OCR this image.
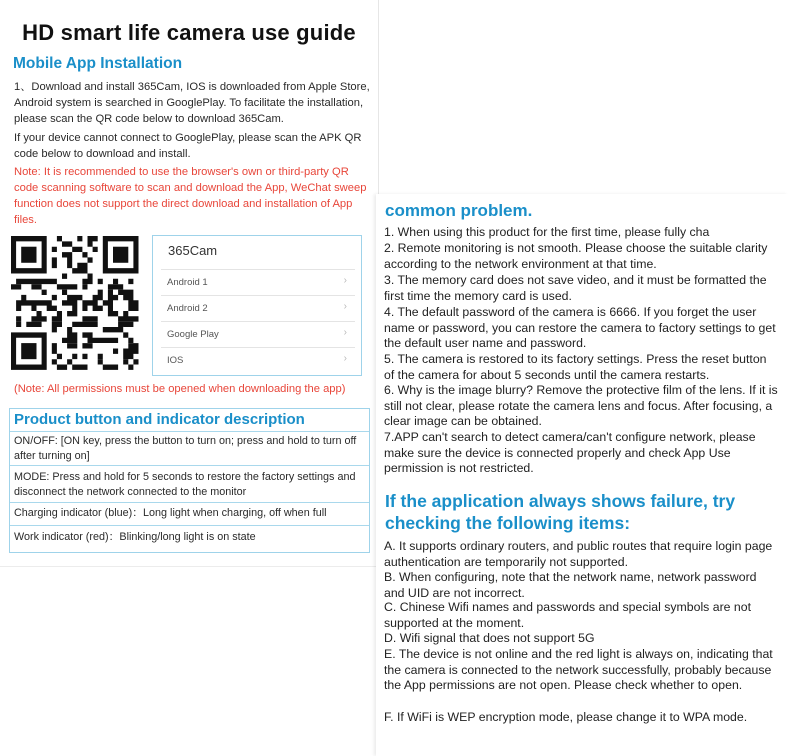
HD smart life camera use guide
Mobile App Installation
1、Download and install 365Cam, IOS is downloaded from Apple Store, Android system is searched in GooglePlay. To facilitate the installation, please scan the QR code below to download 365Cam.
If your device cannot connect to GooglePlay, please scan the APK QR code below to download and install.
Note: It is recommended to use the browser's own or third-party QR code scanning software to scan and download the App, WeChat sweep function does not support the direct download and installation of App files.
365Cam
Android 1	›
Android 2	›
Google Play	›
IOS	›
(Note: All permissions must be opened when downloading the app)
Product button and indicator description
ON/OFF: [ON key, press the button to turn on; press and hold to turn off after turning on]
MODE: Press and hold for 5 seconds to restore the factory settings and disconnect the network connected to the monitor
Charging indicator (blue)：Long light when charging, off when full
Work indicator (red)：Blinking/long light is on state
common problem.
1. When using this product for the first time, please fully cha
2. Remote monitoring is not smooth. Please choose the suitable clarity according to the network environment at that time.
3. The memory card does not save video, and it must be formatted the first time the memory card is used.
4. The default password of the camera is 6666. If you forget the user name or password, you can restore the camera to factory settings to get the default user name and password.
5. The camera is restored to its factory settings. Press the reset button of the camera for about 5 seconds until the camera restarts.
6. Why is the image blurry? Remove the protective film of the lens. If it is still not clear, please rotate the camera lens and focus. After focusing, a clear image can be obtained.
7.APP can't search to detect camera/can't configure network, please make sure the device is connected properly and check App Use permission is not restricted.
If the application always shows failure, try
checking the following items:
A. It supports ordinary routers, and public routes that require login page authentication are temporarily not supported.
B. When configuring, note that the network name, network password and UID are not incorrect.
C. Chinese Wifi names and passwords and special symbols are not supported at the moment.
D. Wifi signal that does not support 5G
E. The device is not online and the red light is always on, indicating that the camera is connected to the network successfully, probably because the App permissions are not open. Please check whether to open.
F. If WiFi is WEP encryption mode, please change it to WPA mode.
